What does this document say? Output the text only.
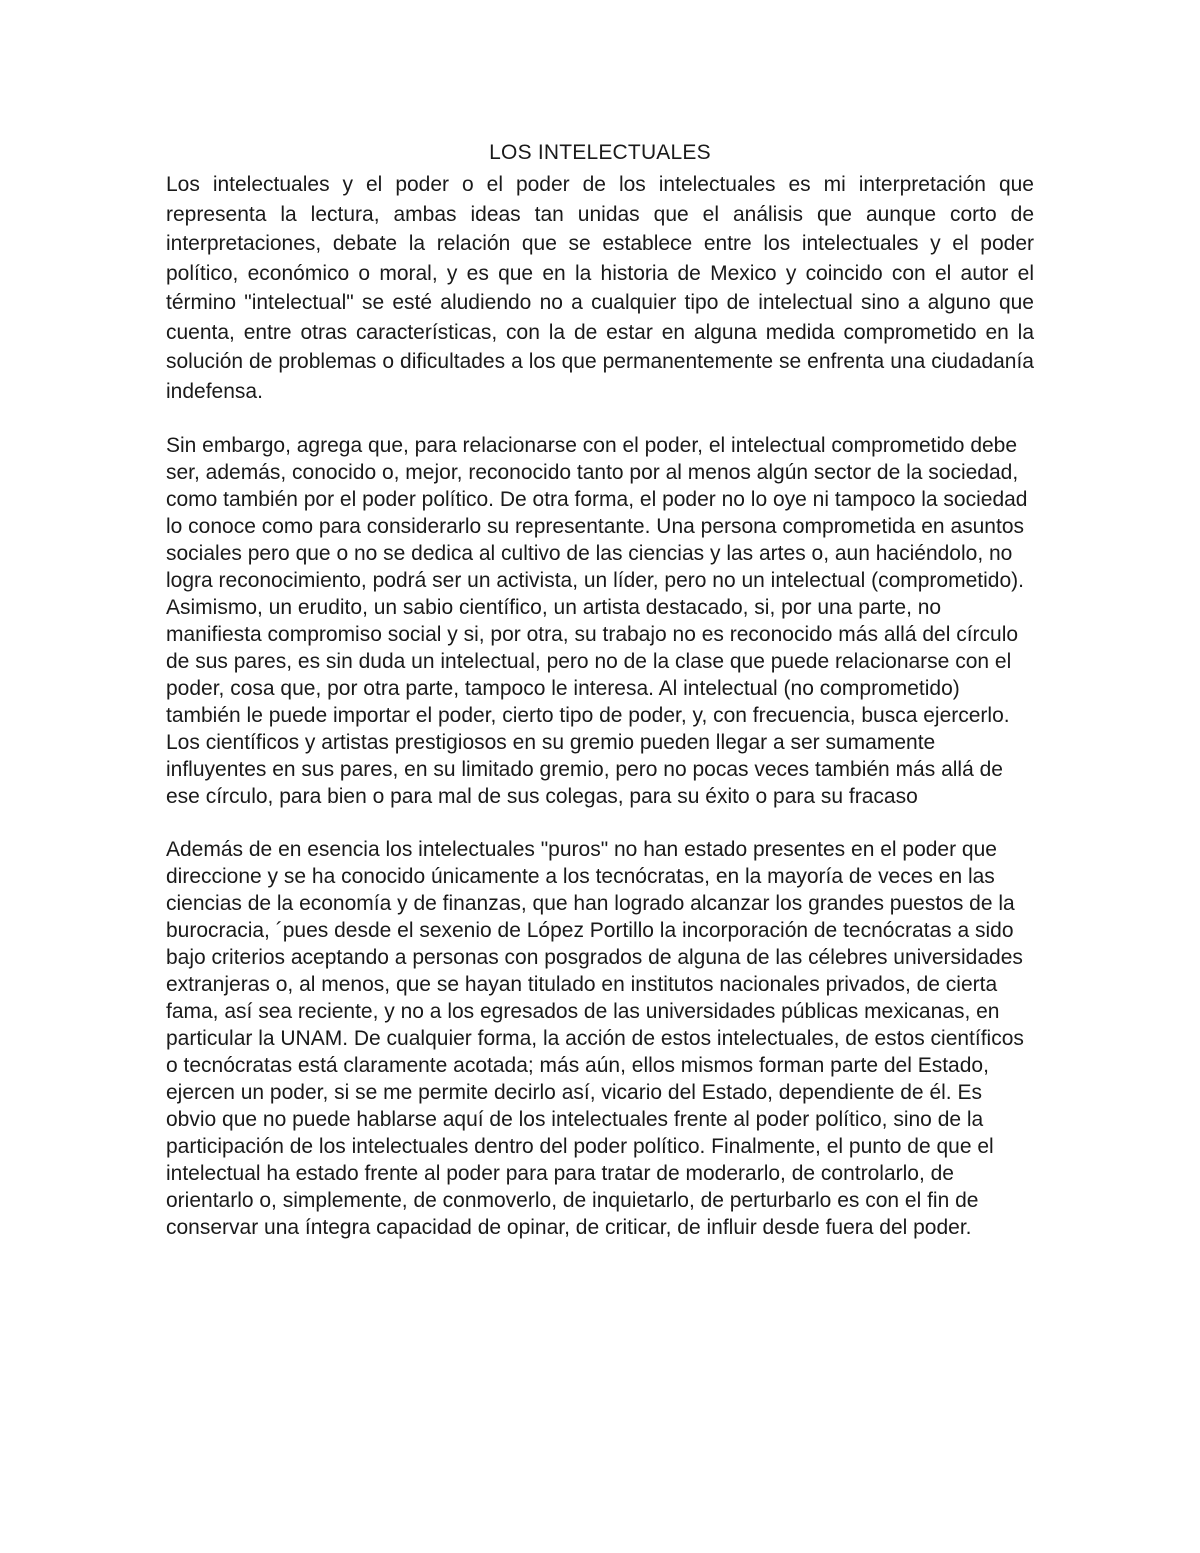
LOS INTELECTUALES

Los intelectuales y el poder o el poder de los intelectuales es mi interpretación que representa la lectura, ambas ideas tan unidas que el análisis que aunque corto de interpretaciones, debate la relación que se establece entre los intelectuales y el poder político, económico o moral, y es que en la historia de Mexico y coincido con el autor el término "intelectual" se esté aludiendo no a cualquier tipo de intelectual sino a alguno que cuenta, entre otras características, con la de estar en alguna medida comprometido en la solución de problemas o dificultades a los que permanentemente se enfrenta una ciudadanía indefensa.

Sin embargo, agrega que, para relacionarse con el poder, el intelectual comprometido debe ser, además, conocido o, mejor, reconocido tanto por al menos algún sector de la sociedad, como también por el poder político. De otra forma, el poder no lo oye ni tampoco la sociedad lo conoce como para considerarlo su representante. Una persona comprometida en asuntos sociales pero que o no se dedica al cultivo de las ciencias y las artes o, aun haciéndolo, no logra reconocimiento, podrá ser un activista, un líder, pero no un intelectual (comprometido). Asimismo, un erudito, un sabio científico, un artista destacado, si, por una parte, no manifiesta compromiso social y si, por otra, su trabajo no es reconocido más allá del círculo de sus pares, es sin duda un intelectual, pero no de la clase que puede relacionarse con el poder, cosa que, por otra parte, tampoco le interesa. Al intelectual (no comprometido) también le puede importar el poder, cierto tipo de poder, y, con frecuencia, busca ejercerlo. Los científicos y artistas prestigiosos en su gremio pueden llegar a ser sumamente influyentes en sus pares, en su limitado gremio, pero no pocas veces también más allá de ese círculo, para bien o para mal de sus colegas, para su éxito o para su fracaso

Además de en esencia los intelectuales "puros" no han estado presentes en el poder que direccione y se ha conocido únicamente a los tecnócratas, en la mayoría de veces en las ciencias de la economía y de finanzas, que han logrado alcanzar los grandes puestos de la burocracia, ´pues desde el sexenio de López Portillo la incorporación de tecnócratas a sido bajo criterios aceptando a personas con posgrados de alguna de las célebres universidades extranjeras o, al menos, que se hayan titulado en institutos nacionales privados, de cierta fama, así sea reciente, y no a los egresados de las universidades públicas mexicanas, en particular la UNAM. De cualquier forma, la acción de estos intelectuales, de estos científicos o tecnócratas está claramente acotada; más aún, ellos mismos forman parte del Estado, ejercen un poder, si se me permite decirlo así, vicario del Estado, dependiente de él. Es obvio que no puede hablarse aquí de los intelectuales frente al poder político, sino de la participación de los intelectuales dentro del poder político. Finalmente, el punto de que el intelectual ha estado frente al poder para para tratar de moderarlo, de controlarlo, de orientarlo o, simplemente, de conmoverlo, de inquietarlo, de perturbarlo es con el fin de conservar una íntegra capacidad de opinar, de criticar, de influir desde fuera del poder.
